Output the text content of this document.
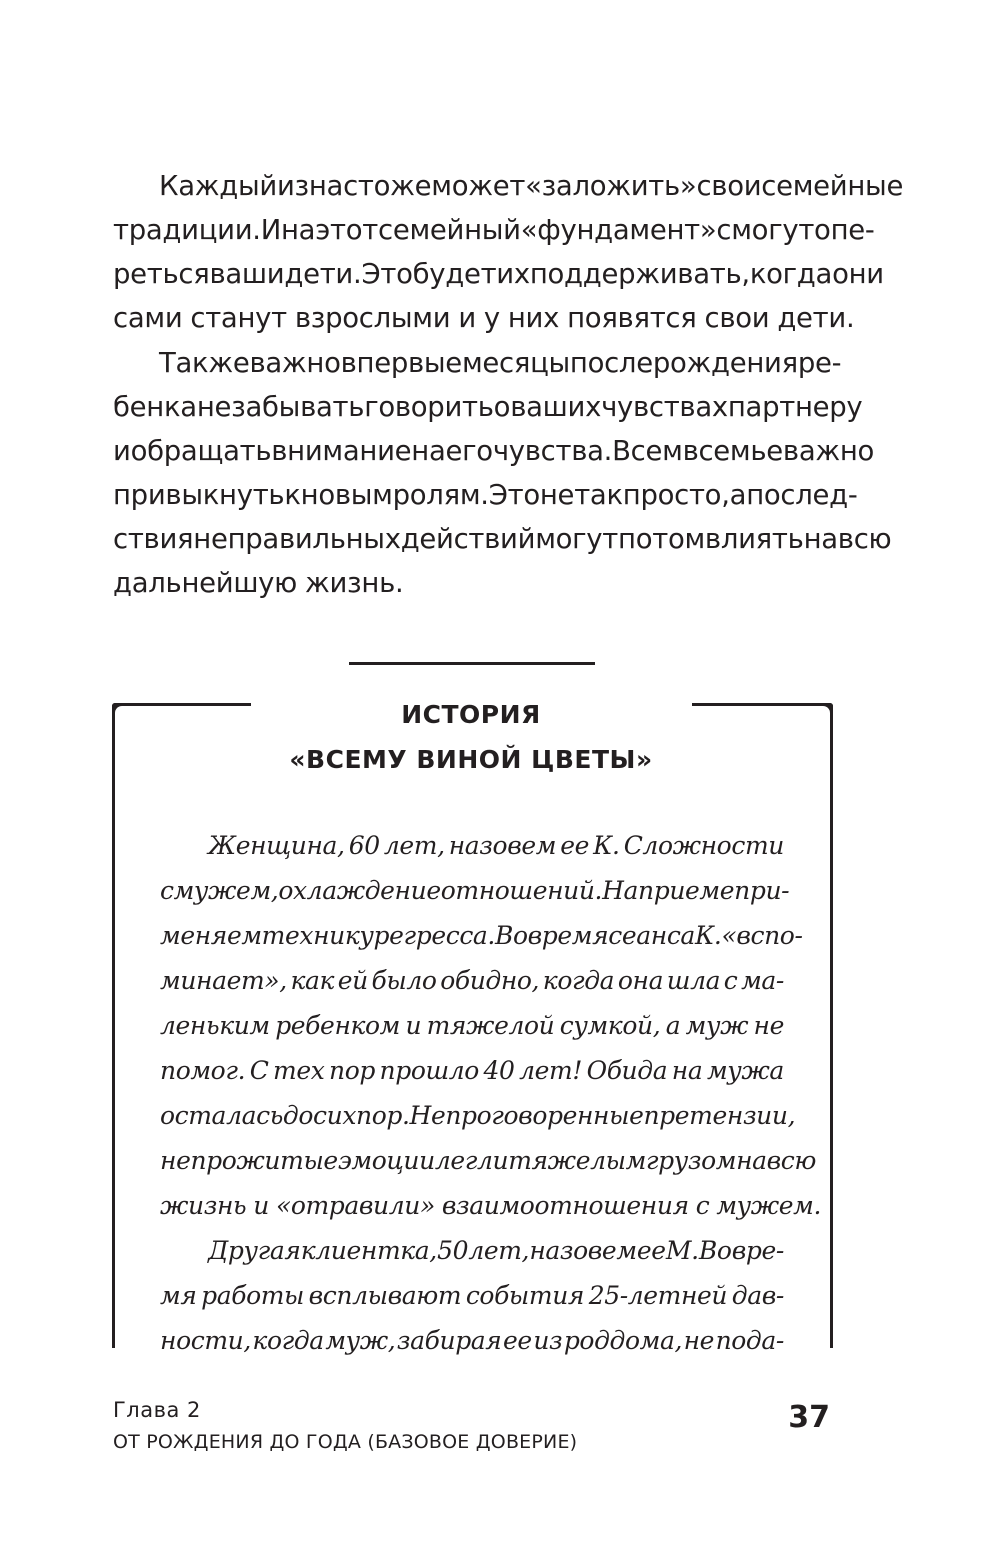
Каждый из нас тоже может «заложить» свои семейные
традиции. И на этот семейный «фундамент» смогут опе-
реться ваши дети. Это будет их поддерживать, когда они
сами станут взрослыми и у них появятся свои дети.
Также важно в первые месяцы после рождения ре-
бенка не забывать говорить о ваших чувствах партнеру
и обращать внимание на его чувства. Всем в семье важно
привыкнуть к новым ролям. Это не так просто, а послед-
ствия неправильных действий могут потом влиять на всю
дальнейшую жизнь.
ИСТОРИЯ
«ВСЕМУ ВИНОЙ ЦВЕТЫ»
Женщина, 60 лет, назовем ее К. Сложности
с мужем, охлаждение отношений. На приеме при-
меняем технику регресса. Во время сеанса К. «вспо-
минает», как ей было обидно, когда она шла с ма-
леньким ребенком и тяжелой сумкой, а муж не
помог. С тех пор прошло 40 лет! Обида на мужа
осталась до сих пор. Непроговоренные претензии,
непрожитые эмоции легли тяжелым грузом на всю
жизнь и «отравили» взаимоотношения с мужем.
Другая клиентка, 50 лет, назовем ее М. Во вре-
мя работы всплывают события 25-летней дав-
ности, когда муж, забирая ее из роддома, не пода-
Глава 2
ОТ РОЖДЕНИЯ ДО ГОДА (БАЗОВОЕ ДОВЕРИЕ)
37
